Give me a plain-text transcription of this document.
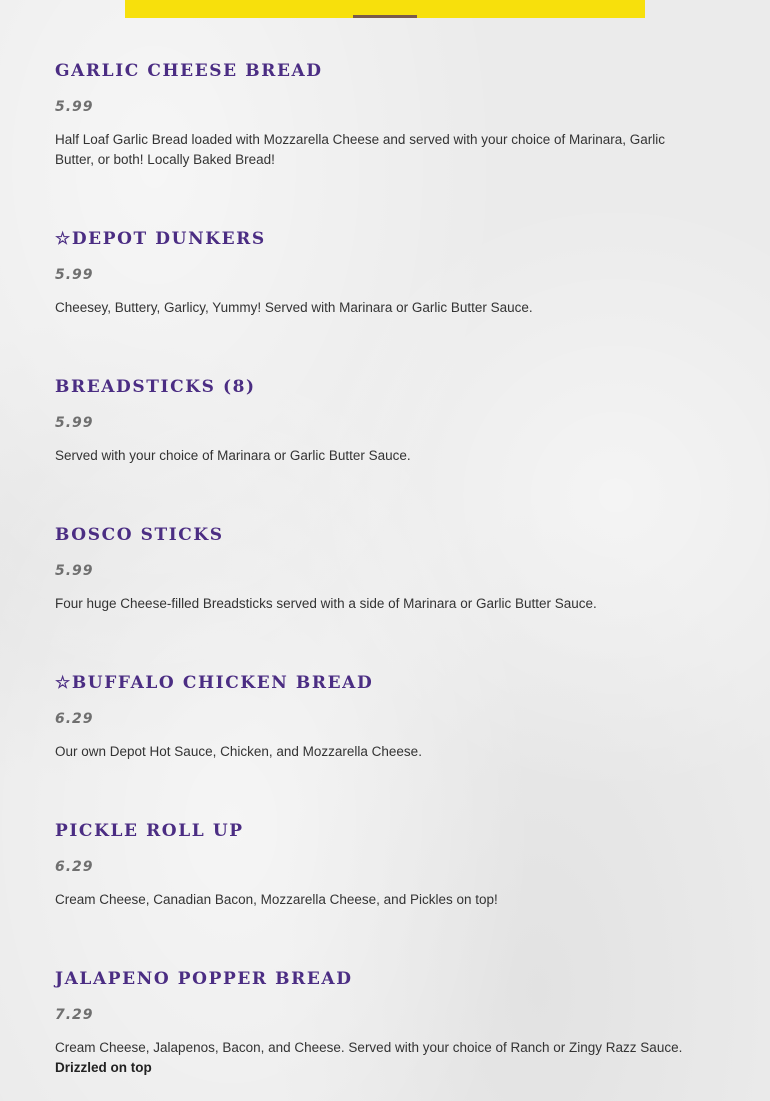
GARLIC CHEESE BREAD
5.99

Half Loaf Garlic Bread loaded with Mozzarella Cheese and served with your choice of Marinara, Garlic Butter, or both! Locally Baked Bread!

☆DEPOT DUNKERS
5.99

Cheesey, Buttery, Garlicy, Yummy! Served with Marinara or Garlic Butter Sauce.

BREADSTICKS (8)
5.99

Served with your choice of Marinara or Garlic Butter Sauce.

BOSCO STICKS
5.99

Four huge Cheese-filled Breadsticks served with a side of Marinara or Garlic Butter Sauce.

☆BUFFALO CHICKEN BREAD
6.29

Our own Depot Hot Sauce, Chicken, and Mozzarella Cheese.

PICKLE ROLL UP
6.29

Cream Cheese, Canadian Bacon, Mozzarella Cheese, and Pickles on top!

JALAPENO POPPER BREAD
7.29
Cream Cheese, Jalapenos, Bacon, and Cheese. Served with your choice of Ranch or Zingy Razz Sauce.
Drizzled on top
